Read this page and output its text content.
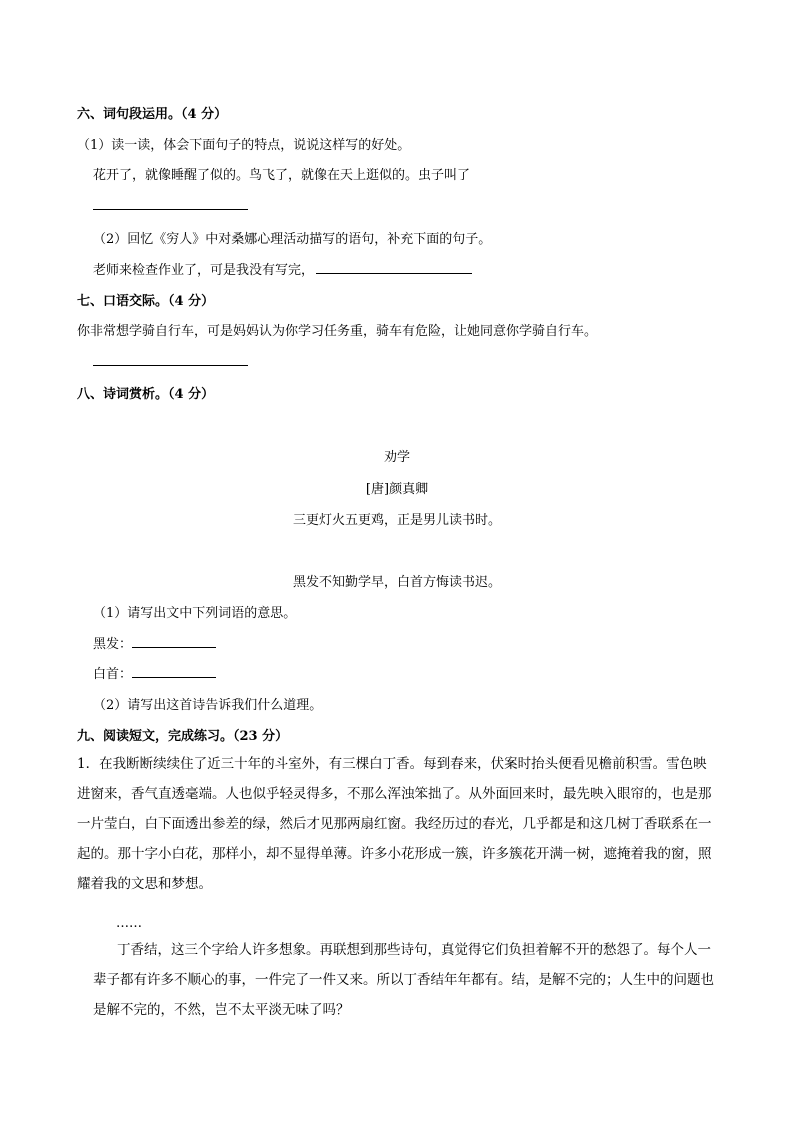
六、词句段运用。（4 分）
（1）读一读，体会下面句子的特点，说说这样写的好处。
花开了，就像睡醒了似的。鸟飞了，就像在天上逛似的。虫子叫了
（2）回忆《穷人》中对桑娜心理活动描写的语句，补充下面的句子。
老师来检查作业了，可是我没有写完，
七、口语交际。（4 分）
你非常想学骑自行车，可是妈妈认为你学习任务重，骑车有危险，让她同意你学骑自行车。
八、诗词赏析。（4 分）
劝学
[唐]颜真卿
三更灯火五更鸡，正是男儿读书时。
黑发不知勤学早，白首方悔读书迟。
（1）请写出文中下列词语的意思。
黑发：
白首：
（2）请写出这首诗告诉我们什么道理。
九、阅读短文，完成练习。（23 分）
1．在我断断续续住了近三十年的斗室外，有三棵白丁香。每到春来，伏案时抬头便看见檐前积雪 · ·。雪色映进窗来，香气直透毫端。人也似乎轻灵得多，不那么浑浊笨拙了。从外面回来时，最先映入眼帘的，也是那一片莹白，白下面透出参差的绿，然后才见那两扇红窗。我经历过的春光，几乎都是和这几树丁香联系在一起的。那十字小白花，那样小，却不显得单薄。许多小花形成一簇，许多簇花开满一树，遮掩着我的窗，照耀着我的文思和梦想。
……
丁香结，这三个字给人许多想象。再联想到那些诗句，真觉得它们负担着解不开的愁怨了。每个人一辈子都有许多不顺心的事，一件完了一件又来。所以丁香结年年都有。结，是解不完的；人生中的问题也是解不完的，不然，岂不太平淡无味了吗？
